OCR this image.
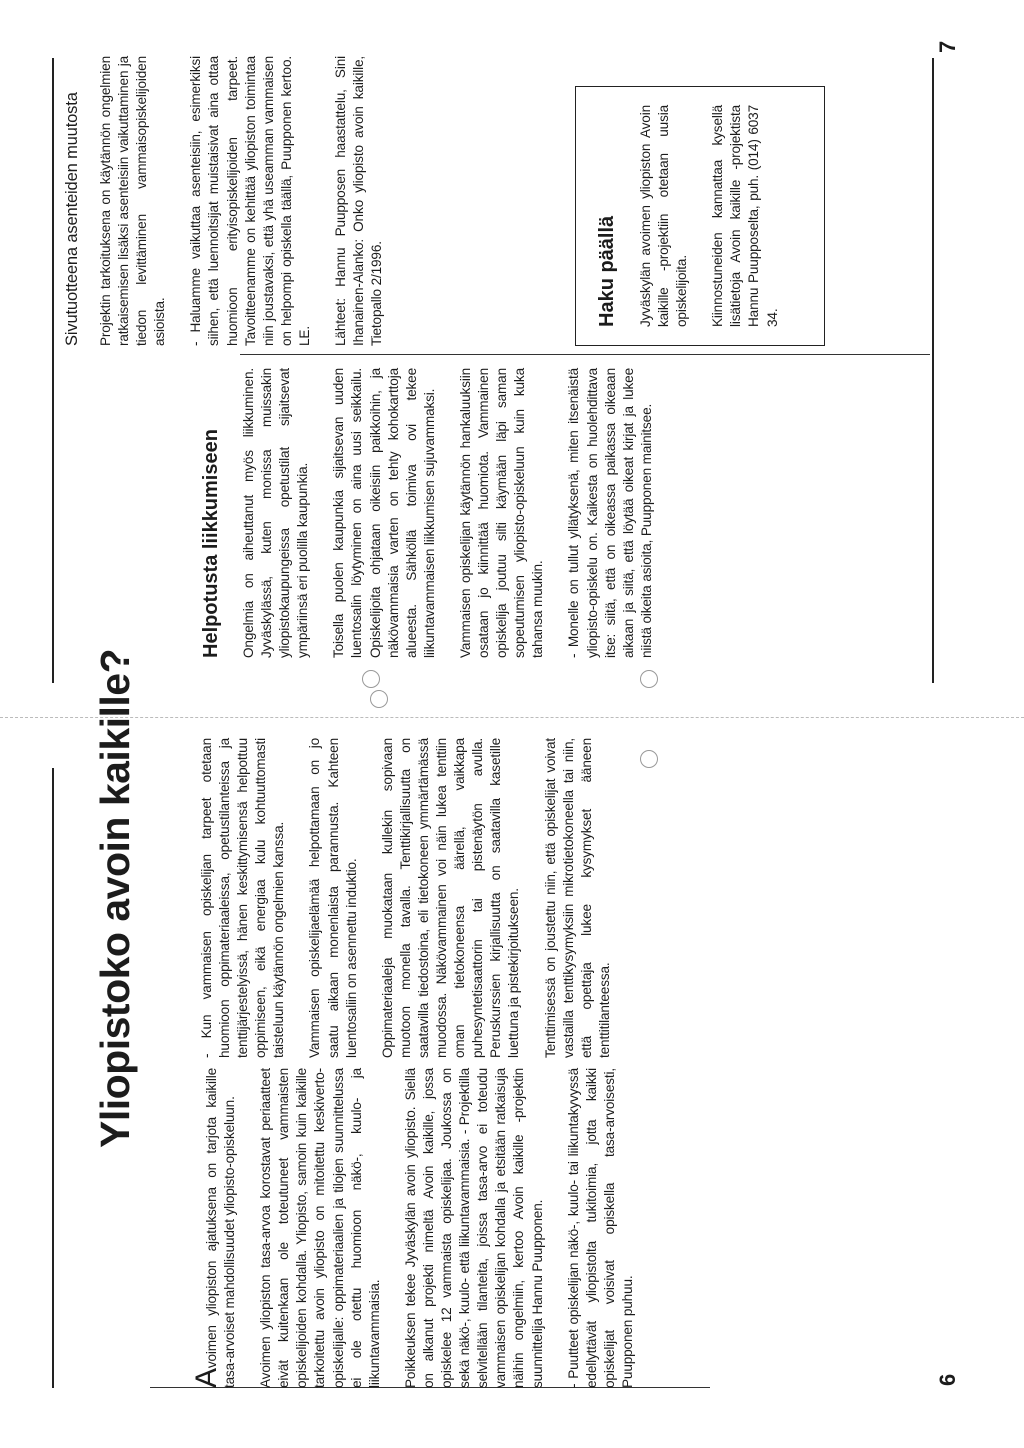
6
7
Yliopistoko avoin kaikille?

Avoimen yliopiston ajatuksena on tarjota kaikille tasa-arvoiset mahdollisuudet yliopisto-opiskeluun. Avoimen yliopiston tasa-arvoa korostavat periaatteet eivät kuitenkaan ole toteutuneet vammaisten opiskelijoiden kohdalla. Yliopisto, samoin kuin kaikille tarkoitettu avoin yliopisto on mitoitettu keskiverto-opiskelijalle: oppimateriaalien ja tilojen suunnittelussa ei ole otettu huomioon näkö-, kuulo- ja liikuntavammaisia. Poikkeuksen tekee Jyväskylän avoin yliopisto. Siellä on alkanut projekti nimeltä Avoin kaikille, jossa opiskelee 12 vammaista opiskelijaa. Joukossa on sekä näkö-, kuulo- että liikuntavammaisia. - Projektilla selvitellään tilanteita, joissa tasa-arvo ei toteudu vammaisen opiskelijan kohdalla ja etsitään ratkaisuja näihin ongelmiin, kertoo Avoin kaikille -projektin suunnittelija Hannu Puupponen. - Puutteet opiskelijan näkö-, kuulo- tai liikuntakyvyssä edellyttävät yliopistolta tukitoimia, jotta kaikki opiskelijat voisivat opiskella tasa-arvoisesti, Puupponen puhuu.

- Kun vammaisen opiskelijan tarpeet otetaan huomioon oppimateriaaleissa, opetustilanteissa ja tenttijärjestelyissä, hänen keskittymisensä helpottuu oppimiseen, eikä energiaa kulu kohtuuttomasti taisteluun käytännön ongelmien kanssa. Vammaisen opiskelijaelämää helpottamaan on jo saatu aikaan monenlaista parannusta. Kahteen luentosaliin on asennettu induktio. Oppimateriaaleja muokataan kullekin sopivaan muotoon monella tavalla. Tenttikirjallisuutta on saatavilla tiedostoina, eli tietokoneen ymmärtämässä muodossa. Näkövammainen voi näin lukea tenttiin oman tietokoneensa äärellä, vaikkapa puhesyntetisaattorin tai pistenäytön avulla. Peruskurssien kirjallisuutta on saatavilla kasetille luettuna ja pistekirjoitukseen. Tenttimisessä on joustettu niin, että opiskelijat voivat vastailla tenttikysymyksiin mikrotietokoneella tai niin, että opettaja lukee kysymykset ääneen tenttitilanteessa.

Helpotusta liikkumiseen Ongelmia on aiheuttanut myös liikkuminen. Jyväskylässä, kuten monissa muissakin yliopistokaupungeissa opetustilat sijaitsevat ympäriinsä eri puolilla kaupunkia. Toisella puolen kaupunkia sijaitsevan uuden luentosalin löytyminen on aina uusi seikkailu. Opiskelijoita ohjataan oikeisiin paikkoihin, ja näkövammaisia varten on tehty kohokarttoja alueesta. Sähköllä toimiva ovi tekee liikuntavammaisen liikkumisen sujuvammaksi. Vammaisen opiskelijan käytännön hankaluuksiin osataan jo kiinnittää huomiota. Vammainen opiskelija joutuu silti käymään läpi saman sopeutumisen yliopisto-opiskeluun kuin kuka tahansa muukin. - Monelle on tullut yllätyksenä, miten itsenäistä yliopisto-opiskelu on. Kaikesta on huolehdittava itse: siitä, että on oikeassa paikassa oikeaan aikaan ja siitä, että löytää oikeat kirjat ja lukee niistä oikeita asioita, Puupponen mainitsee.

Sivutuotteena asenteiden muutosta Projektin tarkoituksena on käytännön ongelmien ratkaisemisen lisäksi asenteisiin vaikuttaminen ja tiedon levittäminen vammaisopiskelijoiden asioista. - Haluamme vaikuttaa asenteisiin, esimerkiksi siihen, että luennoitsijat muistaisivat aina ottaa huomioon erityisopiskelijoiden tarpeet. Tavoitteenamme on kehittää yliopiston toimintaa niin joustavaksi, että yhä useamman vammaisen on helpompi opiskella täällä, Puupponen kertoo. LE. Lähteet: Hannu Puupposen haastattelu, Sini Ihanainen-Alanko: Onko yliopisto avoin kaikille, Tietopallo 2/1996.	Haku päällä Jyväskylän avoimen yliopiston Avoin kaikille -projektiin otetaan uusia opiskelijoita. Kiinnostuneiden kannattaa kysellä lisätietoja Avoin kaikille -projektista Hannu Puupposelta, puh. (014) 6037 34.
